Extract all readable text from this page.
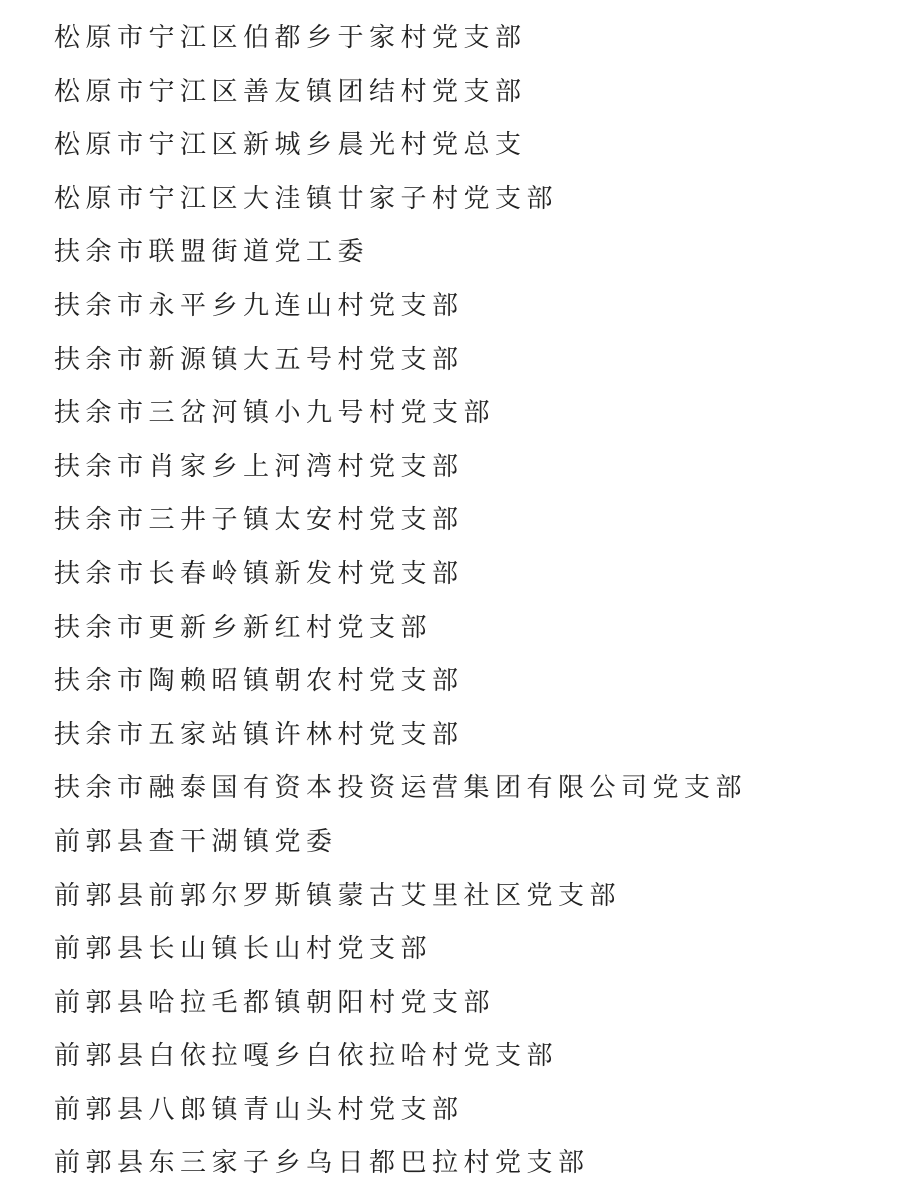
松原市宁江区伯都乡于家村党支部
松原市宁江区善友镇团结村党支部
松原市宁江区新城乡晨光村党总支
松原市宁江区大洼镇廿家子村党支部
扶余市联盟街道党工委
扶余市永平乡九连山村党支部
扶余市新源镇大五号村党支部
扶余市三岔河镇小九号村党支部
扶余市肖家乡上河湾村党支部
扶余市三井子镇太安村党支部
扶余市长春岭镇新发村党支部
扶余市更新乡新红村党支部
扶余市陶赖昭镇朝农村党支部
扶余市五家站镇许林村党支部
扶余市融泰国有资本投资运营集团有限公司党支部
前郭县查干湖镇党委
前郭县前郭尔罗斯镇蒙古艾里社区党支部
前郭县长山镇长山村党支部
前郭县哈拉毛都镇朝阳村党支部
前郭县白依拉嘎乡白依拉哈村党支部
前郭县八郎镇青山头村党支部
前郭县东三家子乡乌日都巴拉村党支部
